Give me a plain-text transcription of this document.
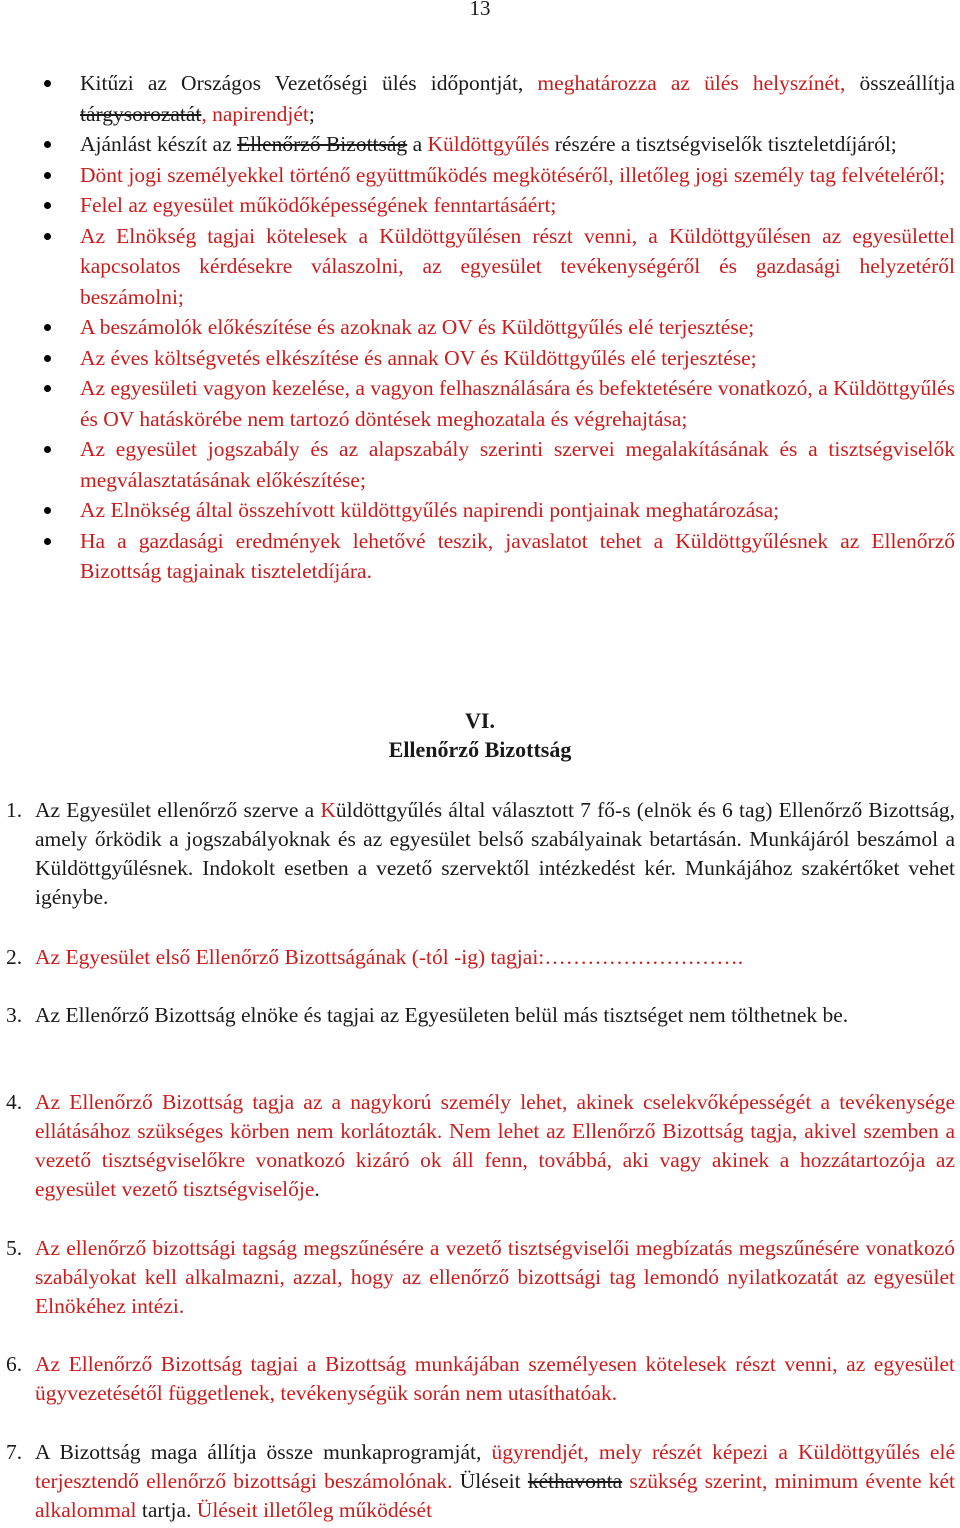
13
Kitűzi az Országos Vezetőségi ülés időpontját, meghatározza az ülés helyszínét, összeállítja tárgysorozatát, napirendjét;
Ajánlást készít az Ellenőrző Bizottság a Küldöttgyűlés részére a tisztségviselők tiszteletdíjáról;
Dönt jogi személyekkel történő együttműködés megkötéséről, illetőleg jogi személy tag felvételéről;
Felel az egyesület működőképességének fenntartásáért;
Az Elnökség tagjai kötelesek a Küldöttgyűlésen részt venni, a Küldöttgyűlésen az egyesülettel kapcsolatos kérdésekre válaszolni, az egyesület tevékenységéről és gazdasági helyzetéről beszámolni;
A beszámolók előkészítése és azoknak az OV és Küldöttgyűlés elé terjesztése;
Az éves költségvetés elkészítése és annak OV és Küldöttgyűlés elé terjesztése;
Az egyesületi vagyon kezelése, a vagyon felhasználására és befektetésére vonatkozó, a Küldöttgyűlés és OV hatáskörébe nem tartozó döntések meghozatala és végrehajtása;
Az egyesület jogszabály és az alapszabály szerinti szervei megalakításának és a tisztségviselők megválasztatásának előkészítése;
Az Elnökség által összehívott küldöttgyűlés napirendi pontjainak meghatározása;
Ha a gazdasági eredmények lehetővé teszik, javaslatot tehet a Küldöttgyűlésnek az Ellenőrző Bizottság tagjainak tiszteletdíjára.
VI.
Ellenőrző Bizottság
1. Az Egyesület ellenőrző szerve a Küldöttgyűlés által választott 7 fő-s (elnök és 6 tag) Ellenőrző Bizottság, amely őrködik a jogszabályoknak és az egyesület belső szabályainak betartásán. Munkájáról beszámol a Küldöttgyűlésnek. Indokolt esetben a vezető szervektől intézkedést kér. Munkájához szakértőket vehet igénybe.
2. Az Egyesület első Ellenőrző Bizottságának (-tól -ig) tagjai:……………………….
3. Az Ellenőrző Bizottság elnöke és tagjai az Egyesületen belül más tisztséget nem tölthetnek be.
4. Az Ellenőrző Bizottság tagja az a nagykorú személy lehet, akinek cselekvőképességét a tevékenysége ellátásához szükséges körben nem korlátozták. Nem lehet az Ellenőrző Bizottság tagja, akivel szemben a vezető tisztségviselőkre vonatkozó kizáró ok áll fenn, továbbá, aki vagy akinek a hozzátartozója az egyesület vezető tisztségviselője.
5. Az ellenőrző bizottsági tagság megszűnésére a vezető tisztségviselői megbízatás megszűnésére vonatkozó szabályokat kell alkalmazni, azzal, hogy az ellenőrző bizottsági tag lemondó nyilatkozatát az egyesület Elnökéhez intézi.
6. Az Ellenőrző Bizottság tagjai a Bizottság munkájában személyesen kötelesek részt venni, az egyesület ügyvezetésétől függetlenek, tevékenységük során nem utasíthatóak.
7. A Bizottság maga állítja össze munkaprogramját, ügyrendjét, mely részét képezi a Küldöttgyűlés elé terjesztendő ellenőrző bizottsági beszámolónak. Üléseit kéthavonta szükség szerint, minimum évente két alkalommal tartja. Üléseit illetőleg működését
